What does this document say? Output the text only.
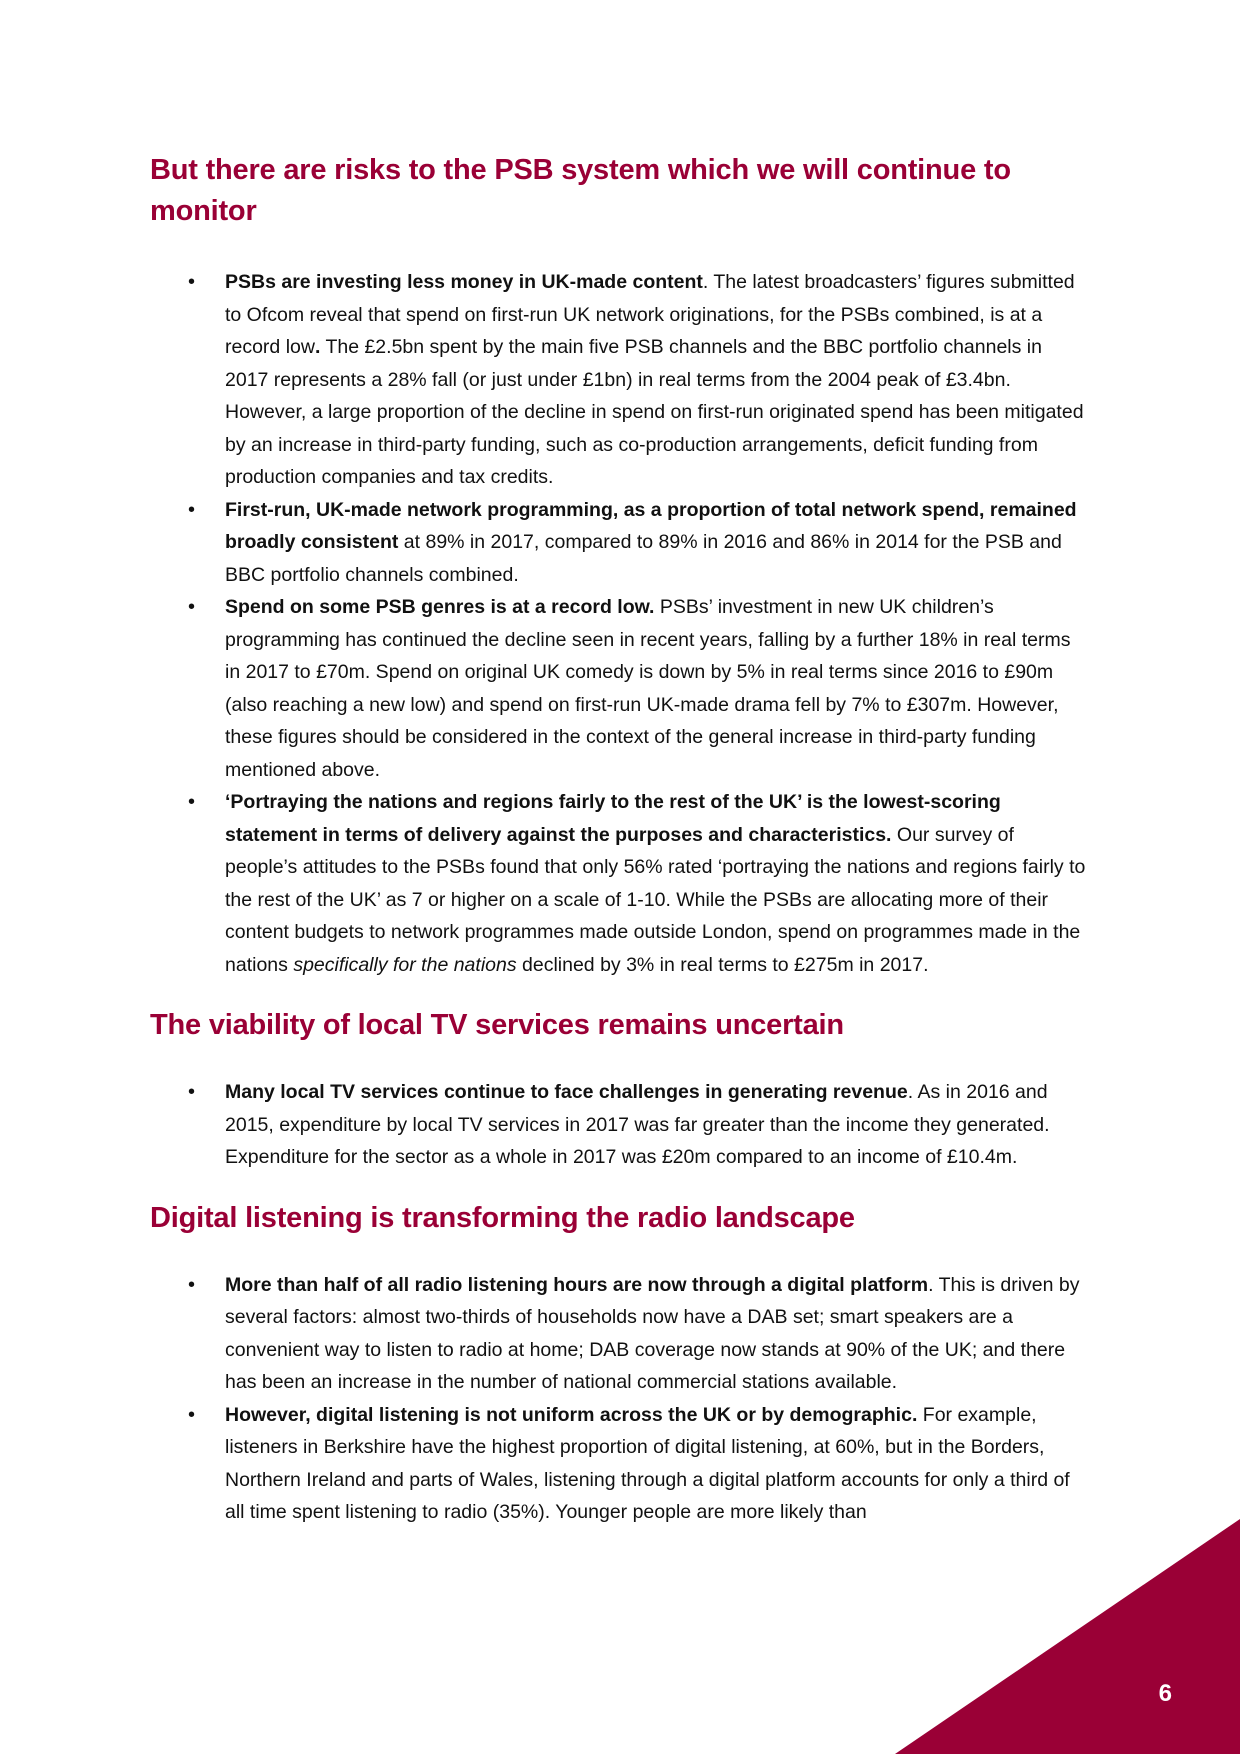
But there are risks to the PSB system which we will continue to monitor
• PSBs are investing less money in UK-made content. The latest broadcasters’ figures submitted to Ofcom reveal that spend on first-run UK network originations, for the PSBs combined, is at a record low. The £2.5bn spent by the main five PSB channels and the BBC portfolio channels in 2017 represents a 28% fall (or just under £1bn) in real terms from the 2004 peak of £3.4bn. However, a large proportion of the decline in spend on first-run originated spend has been mitigated by an increase in third-party funding, such as co-production arrangements, deficit funding from production companies and tax credits.
• First-run, UK-made network programming, as a proportion of total network spend, remained broadly consistent at 89% in 2017, compared to 89% in 2016 and 86% in 2014 for the PSB and BBC portfolio channels combined.
• Spend on some PSB genres is at a record low. PSBs’ investment in new UK children’s programming has continued the decline seen in recent years, falling by a further 18% in real terms in 2017 to £70m. Spend on original UK comedy is down by 5% in real terms since 2016 to £90m (also reaching a new low) and spend on first-run UK-made drama fell by 7% to £307m. However, these figures should be considered in the context of the general increase in third-party funding mentioned above.
• ‘Portraying the nations and regions fairly to the rest of the UK’ is the lowest-scoring statement in terms of delivery against the purposes and characteristics. Our survey of people’s attitudes to the PSBs found that only 56% rated ‘portraying the nations and regions fairly to the rest of the UK’ as 7 or higher on a scale of 1-10. While the PSBs are allocating more of their content budgets to network programmes made outside London, spend on programmes made in the nations specifically for the nations declined by 3% in real terms to £275m in 2017.
The viability of local TV services remains uncertain
• Many local TV services continue to face challenges in generating revenue. As in 2016 and 2015, expenditure by local TV services in 2017 was far greater than the income they generated. Expenditure for the sector as a whole in 2017 was £20m compared to an income of £10.4m.
Digital listening is transforming the radio landscape
• More than half of all radio listening hours are now through a digital platform. This is driven by several factors: almost two-thirds of households now have a DAB set; smart speakers are a convenient way to listen to radio at home; DAB coverage now stands at 90% of the UK; and there has been an increase in the number of national commercial stations available.
• However, digital listening is not uniform across the UK or by demographic. For example, listeners in Berkshire have the highest proportion of digital listening, at 60%, but in the Borders, Northern Ireland and parts of Wales, listening through a digital platform accounts for only a third of all time spent listening to radio (35%). Younger people are more likely than
6
